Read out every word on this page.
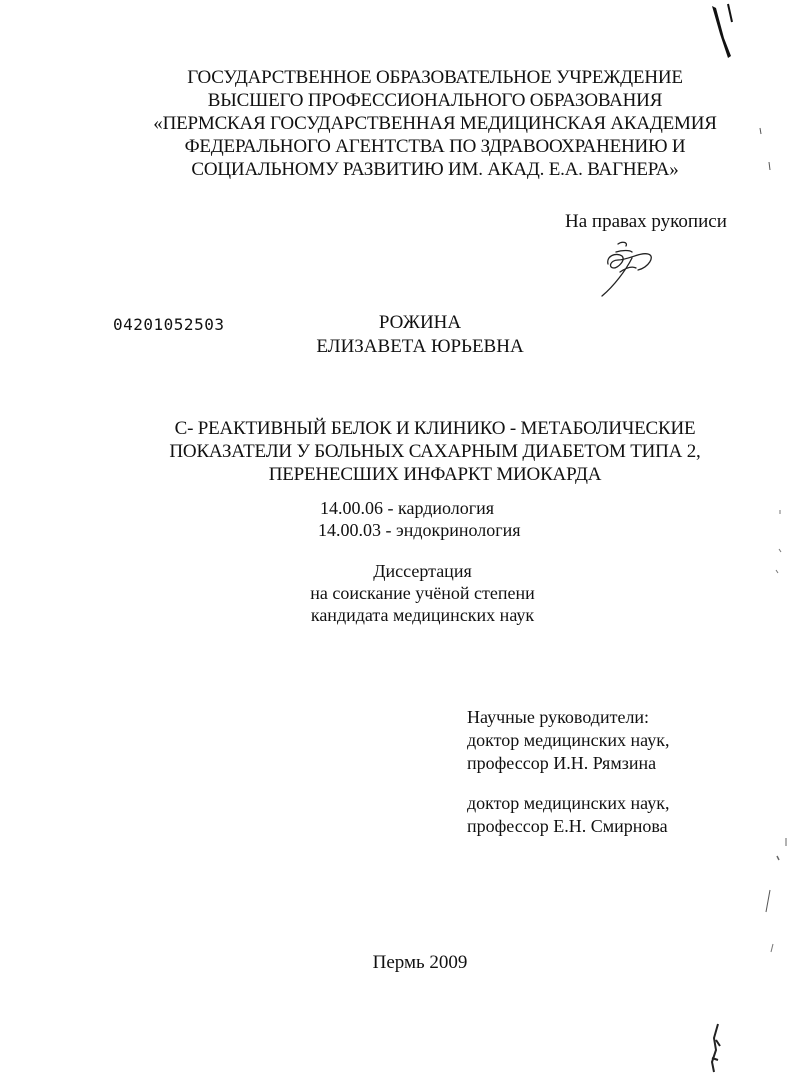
ГОСУДАРСТВЕННОЕ ОБРАЗОВАТЕЛЬНОЕ УЧРЕЖДЕНИЕ
ВЫСШЕГО ПРОФЕССИОНАЛЬНОГО ОБРАЗОВАНИЯ
«ПЕРМСКАЯ ГОСУДАРСТВЕННАЯ МЕДИЦИНСКАЯ АКАДЕМИЯ
ФЕДЕРАЛЬНОГО АГЕНТСТВА ПО ЗДРАВООХРАНЕНИЮ И
СОЦИАЛЬНОМУ РАЗВИТИЮ ИМ. АКАД. Е.А. ВАГНЕРА»
На правах рукописи
04201052503	РОЖИНА
ЕЛИЗАВЕТА ЮРЬЕВНА
С- РЕАКТИВНЫЙ БЕЛОК И КЛИНИКО - МЕТАБОЛИЧЕСКИЕ
ПОКАЗАТЕЛИ У БОЛЬНЫХ САХАРНЫМ ДИАБЕТОМ ТИПА 2,
ПЕРЕНЕСШИХ ИНФАРКТ МИОКАРДА
14.00.06 - кардиология
14.00.03 - эндокринология
Диссертация
на соискание учёной степени
кандидата медицинских наук
Научные руководители:
доктор медицинских наук,
профессор И.Н. Рямзина
доктор медицинских наук,
профессор Е.Н. Смирнова
Пермь 2009
